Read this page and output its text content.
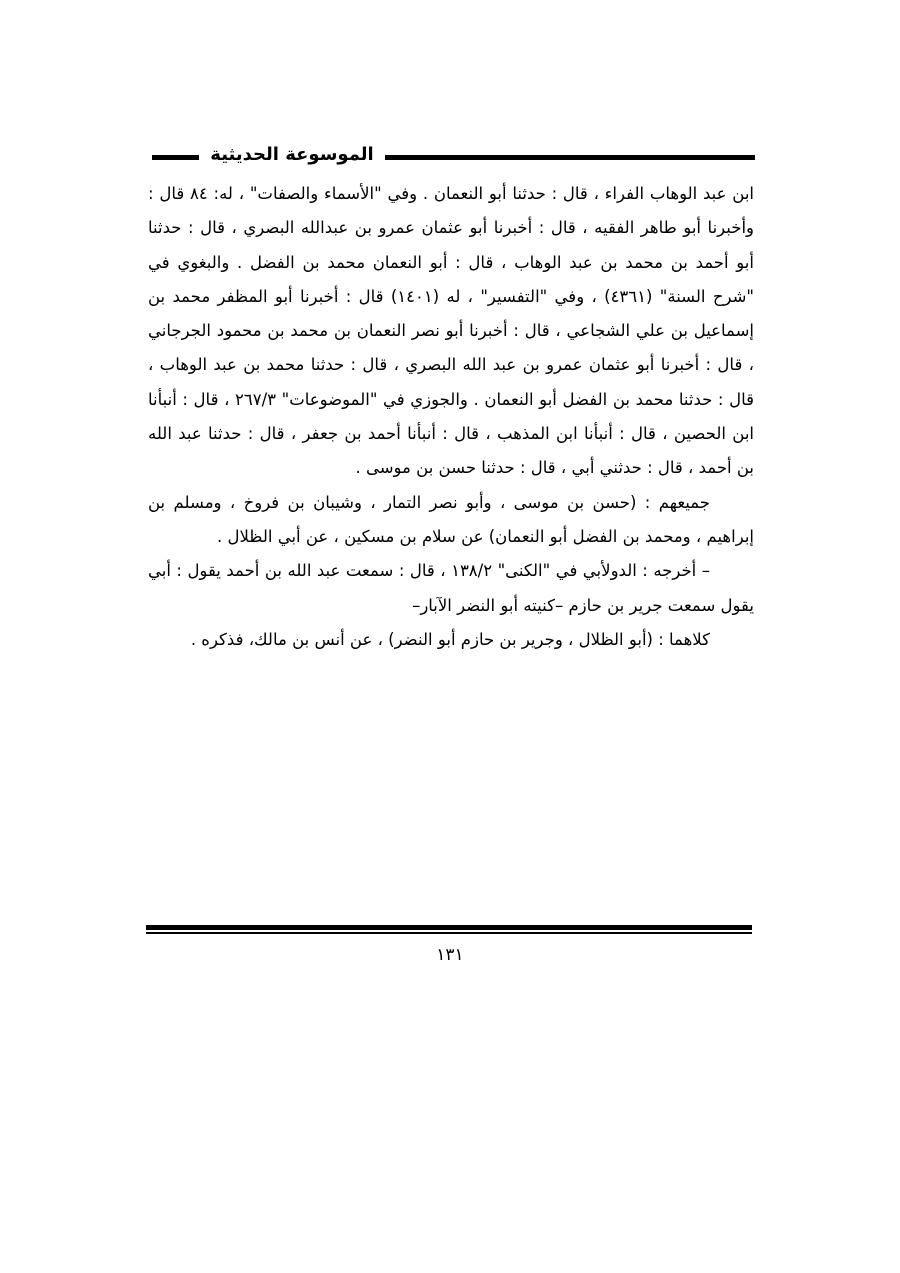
الموسوعة الحديثية

ابن عبد الوهاب الفراء ، قال : حدثنا أبو النعمان . وفي "الأسماء والصفات" ، له: ٨٤ قال : وأخبرنا أبو طاهر الفقيه ، قال : أخبرنا أبو عثمان عمرو بن عبدالله البصري ، قال : حدثنا أبو أحمد بن محمد بن عبد الوهاب ، قال : أبو النعمان محمد بن الفضل . والبغوي في "شرح السنة" (٤٣٦١) ، وفي "التفسير" ، له (١٤٠١) قال : أخبرنا أبو المظفر محمد بن إسماعيل بن علي الشجاعي ، قال : أخبرنا أبو نصر النعمان بن محمد بن محمود الجرجاني ، قال : أخبرنا أبو عثمان عمرو بن عبد الله البصري ، قال : حدثنا محمد بن عبد الوهاب ، قال : حدثنا محمد بن الفضل أبو النعمان . والجوزي في "الموضوعات" ٢٦٧/٣ ، قال : أنبأنا ابن الحصين ، قال : أنبأنا ابن المذهب ، قال : أنبأنا أحمد بن جعفر ، قال : حدثنا عبد الله بن أحمد ، قال : حدثني أبي ، قال : حدثنا حسن بن موسى .

جميعهم : (حسن بن موسى ، وأبو نصر التمار ، وشيبان بن فروخ ، ومسلم بن إبراهيم ، ومحمد بن الفضل أبو النعمان) عن سلام بن مسكين ، عن أبي الظلال .

– أخرجه : الدولأبي في "الكنى" ١٣٨/٢ ، قال : سمعت عبد الله بن أحمد يقول : أبي يقول سمعت جرير بن حازم –كنيته أبو النضر الآبار–

كلاهما : (أبو الظلال ، وجرير بن حازم أبو النضر) ، عن أنس بن مالك، فذكره .

١٣١
